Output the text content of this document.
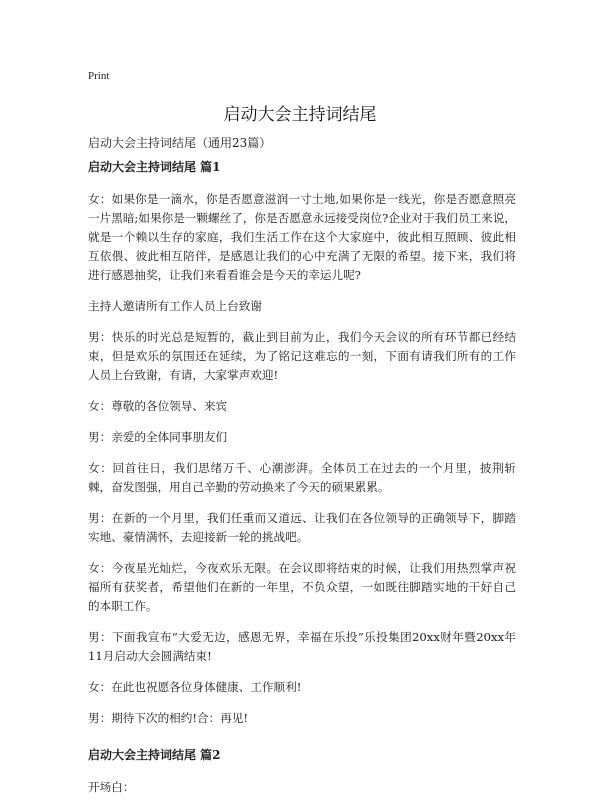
Print
启动大会主持词结尾

启动大会主持词结尾（通用23篇）

启动大会主持词结尾 篇1

女：如果你是一滴水，你是否愿意滋润一寸土地,如果你是一线光，你是否愿意照亮一片黑暗;如果你是一颗螺丝了，你是否愿意永远接受岗位?企业对于我们员工来说，就是一个赖以生存的家庭，我们生活工作在这个大家庭中，彼此相互照顾、彼此相互依偎、彼此相互陪伴，是感恩让我们的心中充满了无限的希望。接下来，我们将进行感恩抽奖，让我们来看看谁会是今天的幸运儿呢?

主持人邀请所有工作人员上台致谢

男：快乐的时光总是短暂的，截止到目前为止，我们今天会议的所有环节都已经结束，但是欢乐的氛围还在延续，为了铭记这难忘的一刻，下面有请我们所有的工作人员上台致谢，有请，大家掌声欢迎!

女：尊敬的各位领导、来宾

男：亲爱的全体同事朋友们

女：回首往日，我们思绪万千、心潮澎湃。全体员工在过去的一个月里，披荆斩棘，奋发图强，用自己辛勤的劳动换来了今天的硕果累累。

男：在新的一个月里，我们任重而又道远、让我们在各位领导的正确领导下，脚踏实地、豪情满怀，去迎接新一轮的挑战吧。

女：今夜星光灿烂，今夜欢乐无限。在会议即将结束的时候，让我们用热烈掌声祝福所有获奖者，希望他们在新的一年里，不负众望，一如既往脚踏实地的干好自己的本职工作。

男：下面我宣布“大爱无边，感恩无界，幸福在乐投”乐投集团20xx财年暨20xx年11月启动大会圆满结束!

女：在此也祝愿各位身体健康、工作顺利!

男：期待下次的相约!合：再见!

启动大会主持词结尾 篇2

开场白：
